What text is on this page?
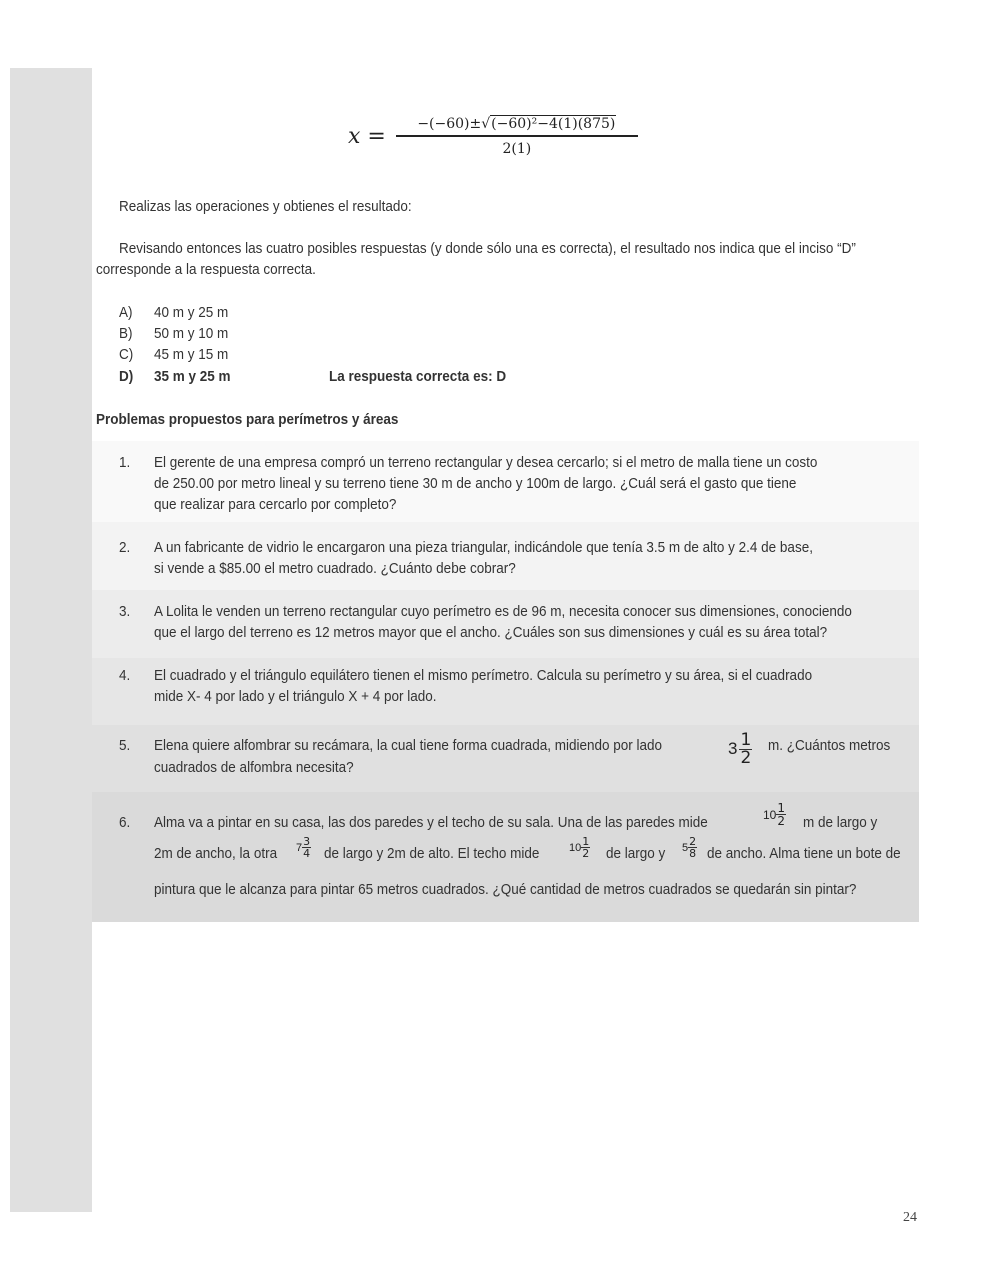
$x = \frac{\text{−(−60)±√(−60)²−4(1)(875)}}{2(1)}$
Realizas las operaciones y obtienes el resultado:
Revisando entonces las cuatro posibles respuestas (y donde sólo una es correcta), el resultado nos indica que el inciso “D”
corresponde a la respuesta correcta.
A) 40 m y 25 m
B) 50 m y 10 m
C) 45 m y 15 m
D) 35 m y 25 m	La respuesta correcta es: D
Problemas propuestos para perímetros y áreas
1. El gerente de una empresa compró un terreno rectangular y desea cercarlo; si el metro de malla tiene un costo
de 250.00 por metro lineal y su terreno tiene 30 m de ancho y 100m de largo. ¿Cuál será el gasto que tiene
que realizar para cercarlo por completo?
2. A un fabricante de vidrio le encargaron una pieza triangular, indicándole que tenía 3.5 m de alto y 2.4 de base,
si vende a $85.00 el metro cuadrado. ¿Cuánto debe cobrar?
3. A Lolita le venden un terreno rectangular cuyo perímetro es de 96 m, necesita conocer sus dimensiones, conociendo
que el largo del terreno es 12 metros mayor que el ancho. ¿Cuáles son sus dimensiones y cuál es su área total?
4. El cuadrado y el triángulo equilátero tienen el mismo perímetro. Calcula su perímetro y su área, si el cuadrado
mide X- 4 por lado y el triángulo X + 4 por lado.
5. Elena quiere alfombrar su recámara, la cual tiene forma cuadrada, midiendo por lado	$3 \frac{1}{2} m$. ¿Cuántos metros
cuadrados de alfombra necesita?
6. Alma va a pintar en su casa, las dos paredes y el techo de su sala. Una de las paredes mide	$10 \frac{1}{2}$ m de largo y
2m de ancho, la otra $7 \frac{3}{4}$ de largo y 2m de alto. El techo mide	$10 \frac{1}{2}$ de largo y $5 \frac{2}{8}$ de ancho. Alma tiene un bote de
pintura que le alcanza para pintar 65 metros cuadrados. ¿Qué cantidad de metros cuadrados se quedarán sin pintar?
24
